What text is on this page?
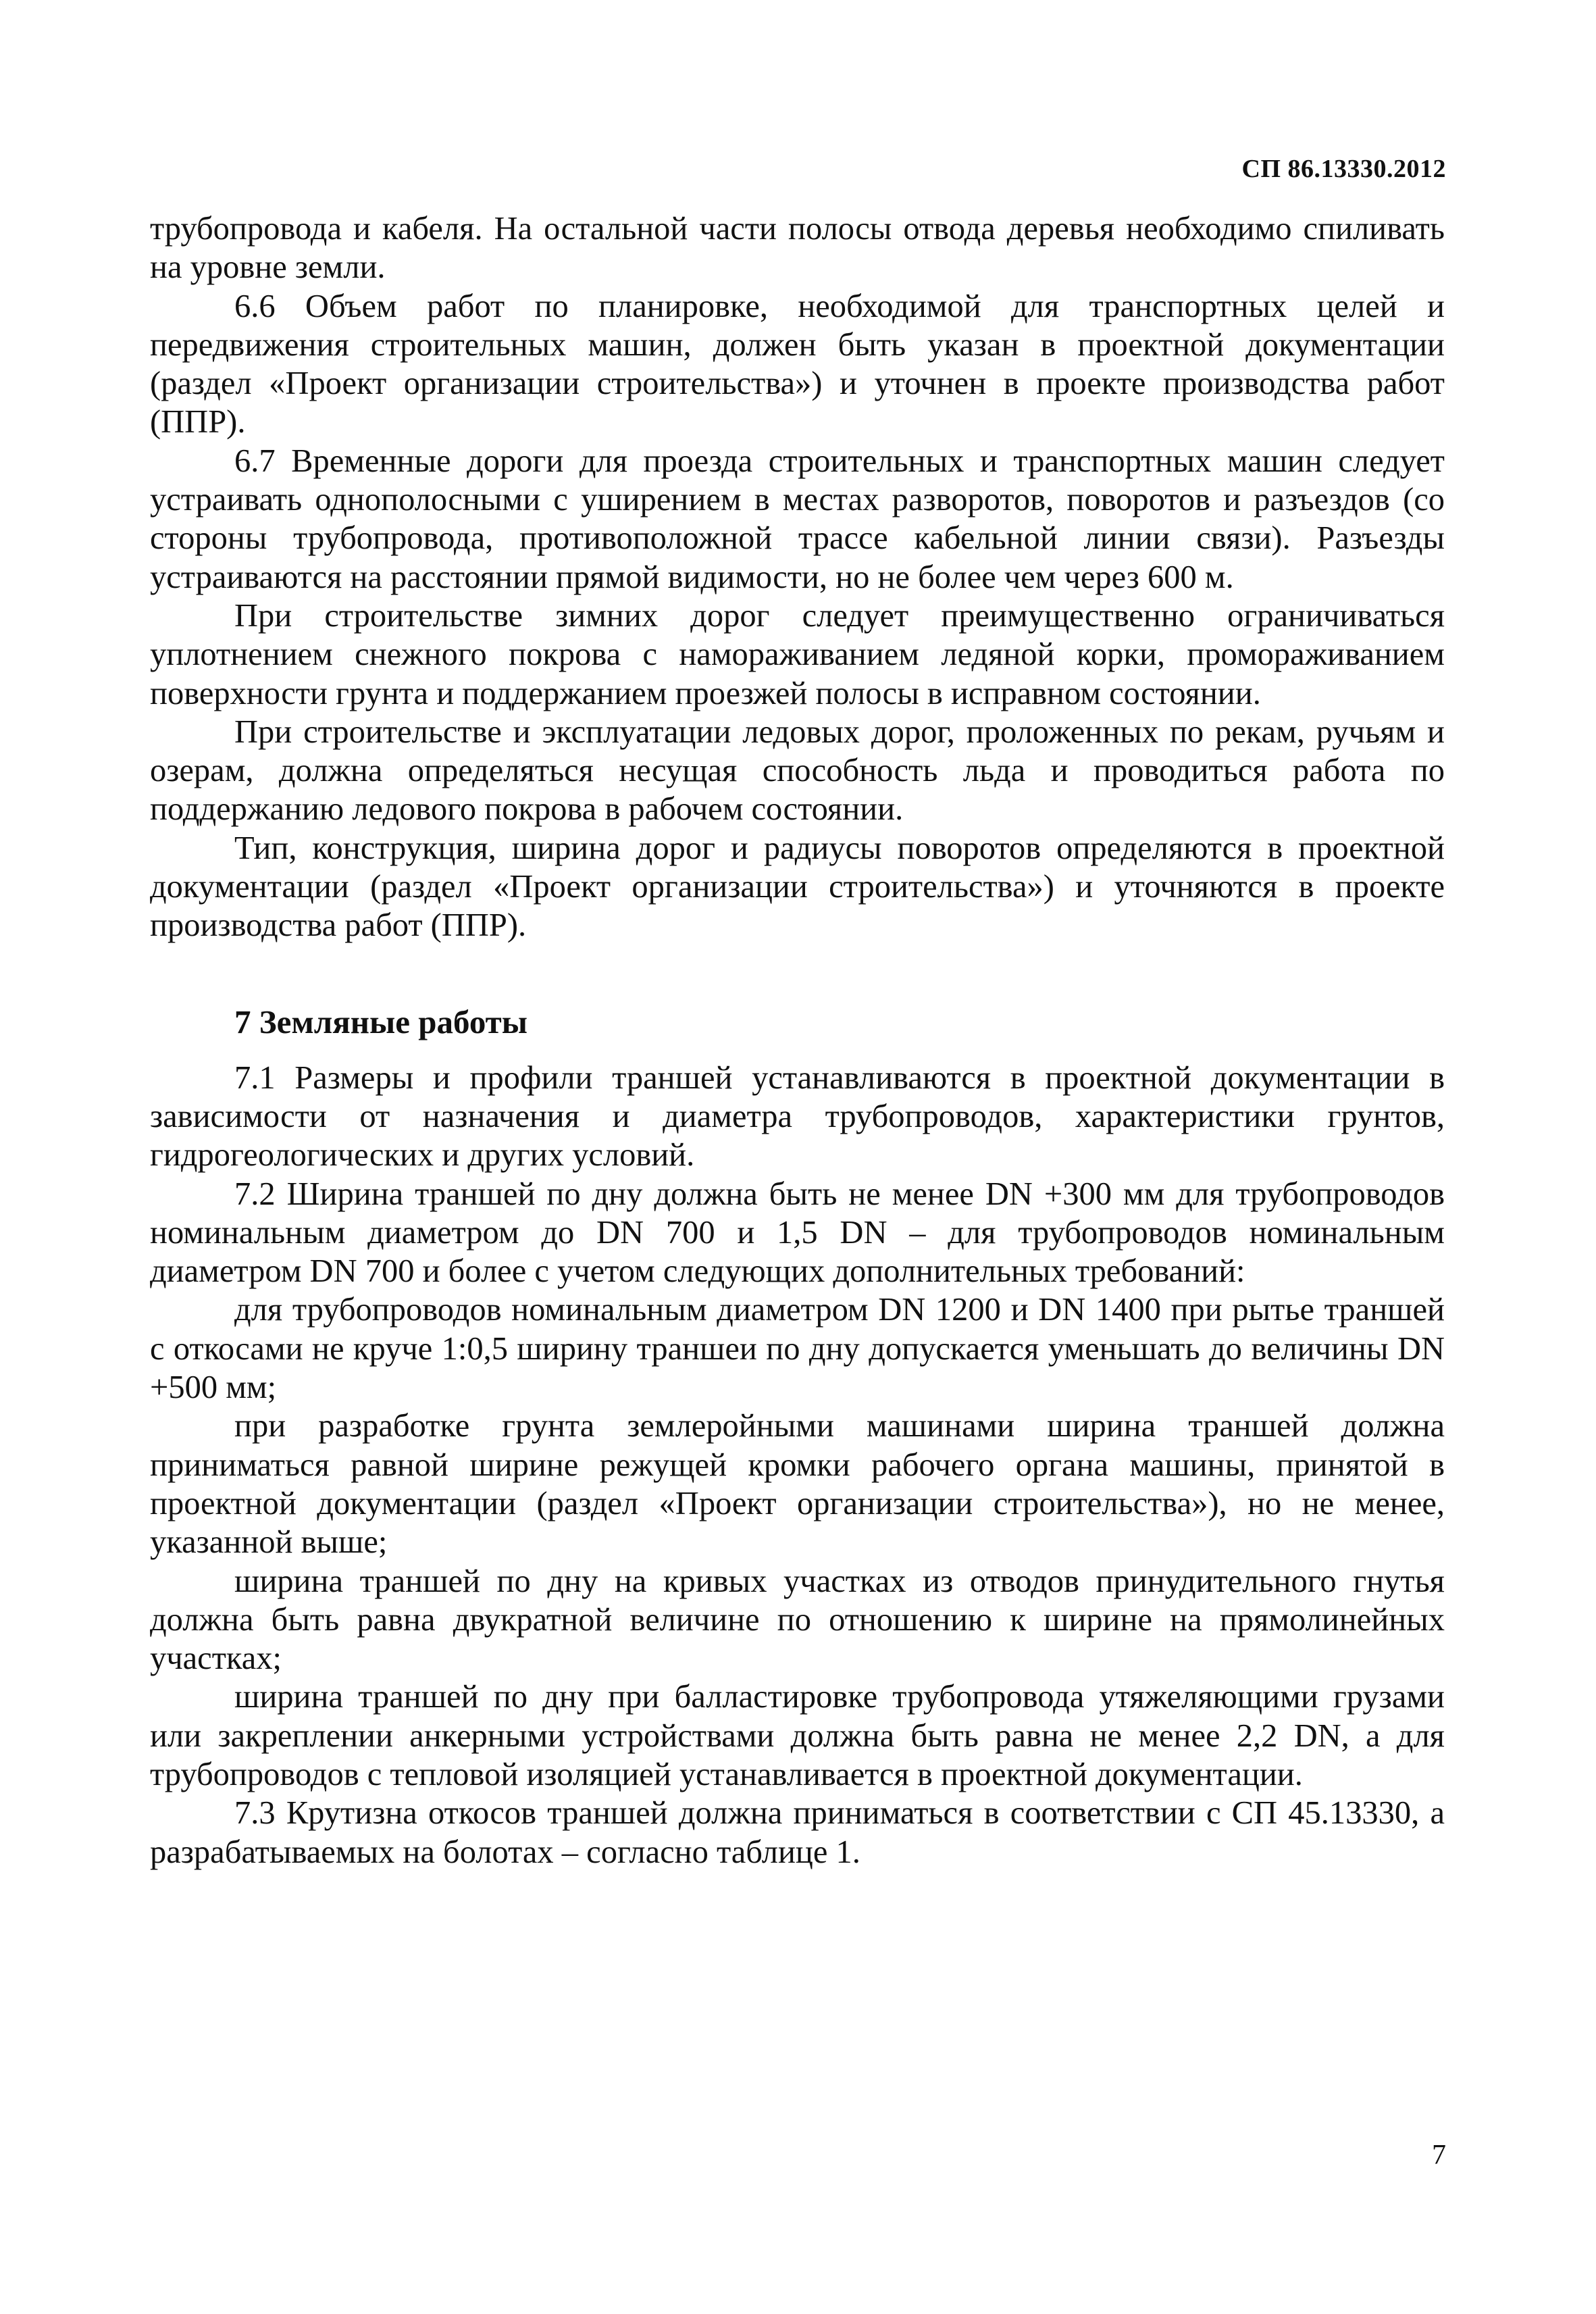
СП 86.13330.2012

трубопровода и кабеля. На остальной части полосы отвода деревья необходимо спиливать на уровне земли.

6.6 Объем работ по планировке, необходимой для транспортных целей и передвижения строительных машин, должен быть указан в проектной документации (раздел «Проект организации строительства») и уточнен в проекте производства работ (ППР).

6.7 Временные дороги для проезда строительных и транспортных машин следует устраивать однополосными с уширением в местах разворотов, поворотов и разъездов (со стороны трубопровода, противоположной трассе кабельной линии связи). Разъезды устраиваются на расстоянии прямой видимости, но не более чем через 600 м.

При строительстве зимних дорог следует преимущественно ограничиваться уплотнением снежного покрова с намораживанием ледяной корки, промораживанием поверхности грунта и поддержанием проезжей полосы в исправном состоянии.

При строительстве и эксплуатации ледовых дорог, проложенных по рекам, ручьям и озерам, должна определяться несущая способность льда и проводиться работа по поддержанию ледового покрова в рабочем состоянии.

Тип, конструкция, ширина дорог и радиусы поворотов определяются в проектной документации (раздел «Проект организации строительства») и уточняются в проекте производства работ (ППР).

7 Земляные работы

7.1 Размеры и профили траншей устанавливаются в проектной документации в зависимости от назначения и диаметра трубопроводов, характеристики грунтов, гидрогеологических и других условий.

7.2 Ширина траншей по дну должна быть не менее DN +300 мм для трубопроводов номинальным диаметром до DN 700 и 1,5 DN – для трубопроводов номинальным диаметром DN 700 и более с учетом следующих дополнительных требований:

для трубопроводов номинальным диаметром DN 1200 и DN 1400 при рытье траншей с откосами не круче 1:0,5 ширину траншеи по дну допускается уменьшать до величины DN +500 мм;

при разработке грунта землеройными машинами ширина траншей должна приниматься равной ширине режущей кромки рабочего органа машины, принятой в проектной документации (раздел «Проект организации строительства»), но не менее, указанной выше;

ширина траншей по дну на кривых участках из отводов принудительного гнутья должна быть равна двукратной величине по отношению к ширине на прямолинейных участках;

ширина траншей по дну при балластировке трубопровода утяжеляющими грузами или закреплении анкерными устройствами должна быть равна не менее 2,2 DN, а для трубопроводов с тепловой изоляцией устанавливается в проектной документации.

7.3 Крутизна откосов траншей должна приниматься в соответствии с СП 45.13330, а разрабатываемых на болотах – согласно таблице 1.

7
